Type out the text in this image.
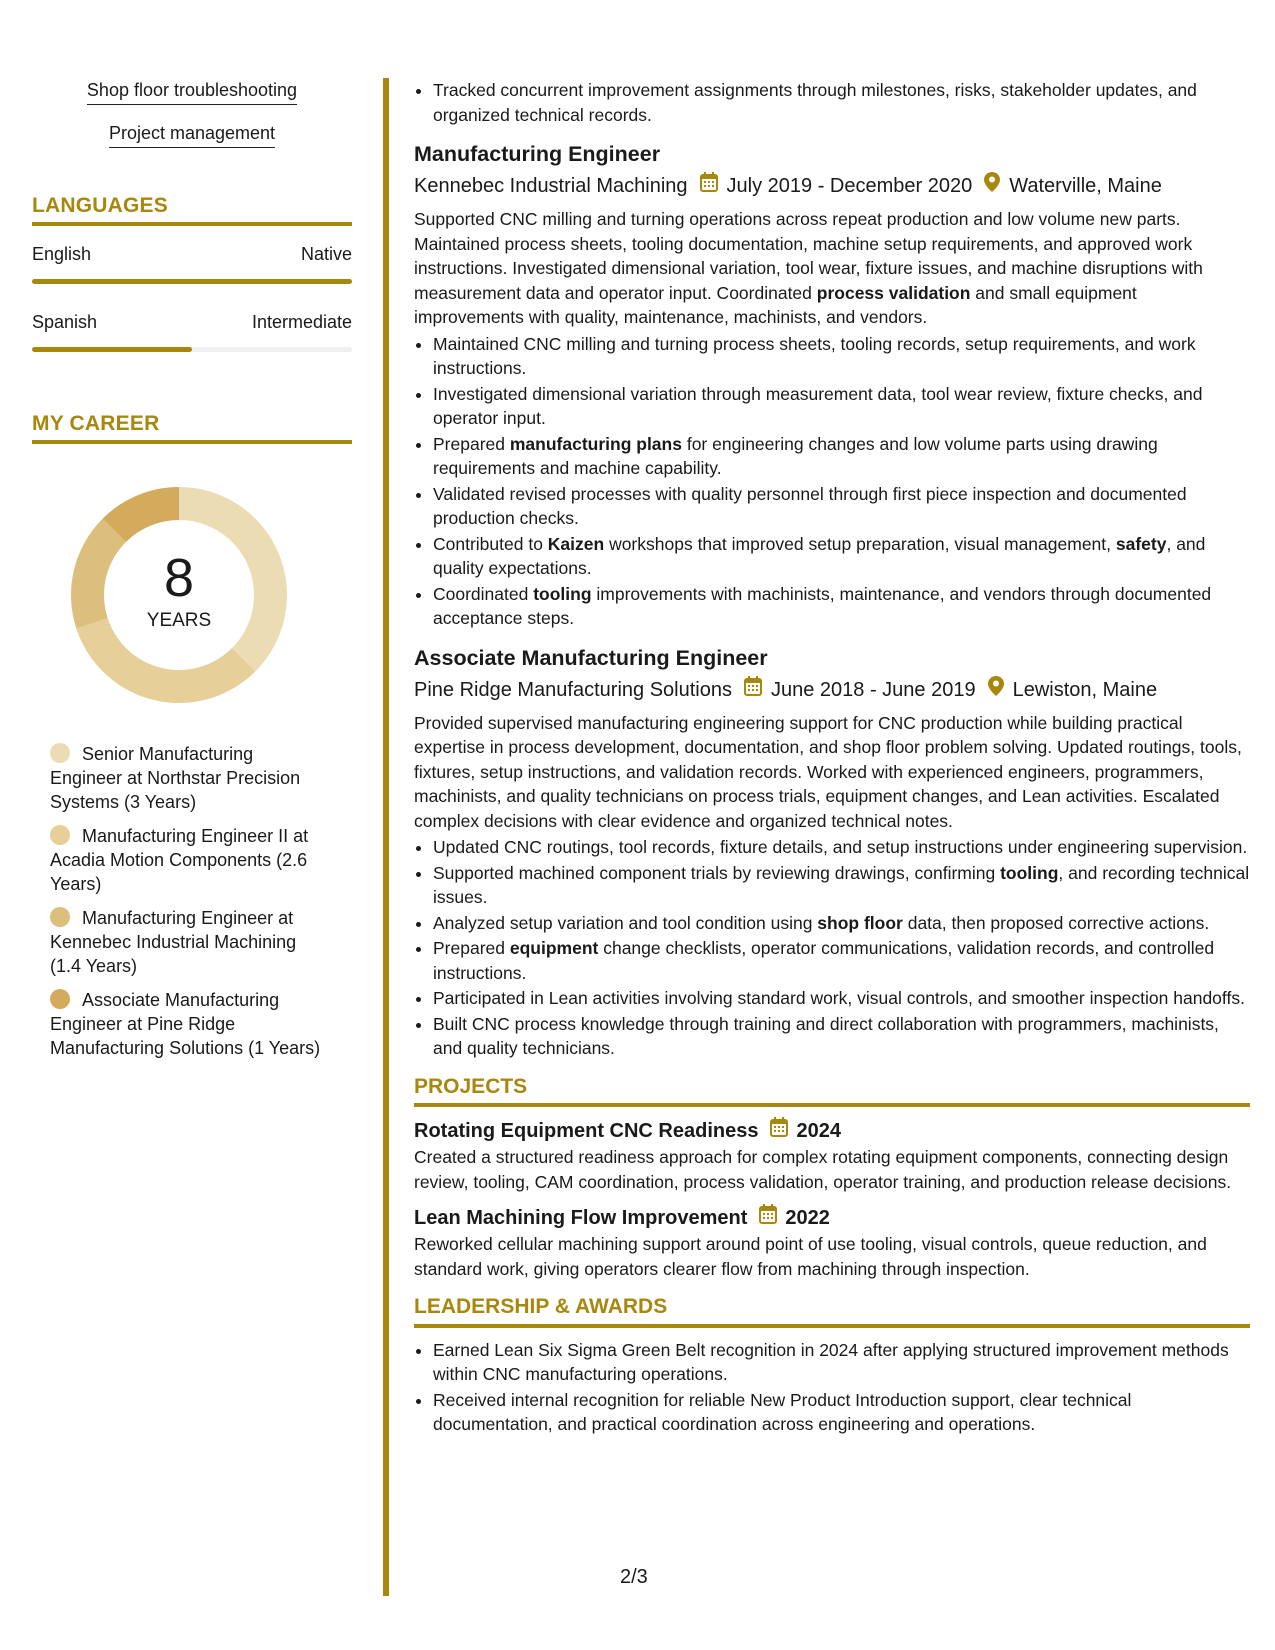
Shop floor troubleshooting
Project management
LANGUAGES
English	Native
Spanish	Intermediate
MY CAREER
8
YEARS
Senior Manufacturing Engineer at Northstar Precision Systems (3 Years)
Manufacturing Engineer II at Acadia Motion Components (2.6 Years)
Manufacturing Engineer at Kennebec Industrial Machining (1.4 Years)
Associate Manufacturing Engineer at Pine Ridge Manufacturing Solutions (1 Years)
• Tracked concurrent improvement assignments through milestones, risks, stakeholder updates, and organized technical records.
Manufacturing Engineer
Kennebec Industrial Machining July 2019 - December 2020 Waterville, Maine
Supported CNC milling and turning operations across repeat production and low volume new parts. Maintained process sheets, tooling documentation, machine setup requirements, and approved work instructions. Investigated dimensional variation, tool wear, fixture issues, and machine disruptions with measurement data and operator input. Coordinated process validation and small equipment improvements with quality, maintenance, machinists, and vendors.
• Maintained CNC milling and turning process sheets, tooling records, setup requirements, and work instructions.
• Investigated dimensional variation through measurement data, tool wear review, fixture checks, and operator input.
• Prepared manufacturing plans for engineering changes and low volume parts using drawing requirements and machine capability.
• Validated revised processes with quality personnel through first piece inspection and documented production checks.
• Contributed to Kaizen workshops that improved setup preparation, visual management, safety, and quality expectations.
• Coordinated tooling improvements with machinists, maintenance, and vendors through documented acceptance steps.
Associate Manufacturing Engineer
Pine Ridge Manufacturing Solutions June 2018 - June 2019 Lewiston, Maine
Provided supervised manufacturing engineering support for CNC production while building practical expertise in process development, documentation, and shop floor problem solving. Updated routings, tools, fixtures, setup instructions, and validation records. Worked with experienced engineers, programmers, machinists, and quality technicians on process trials, equipment changes, and Lean activities. Escalated complex decisions with clear evidence and organized technical notes.
• Updated CNC routings, tool records, fixture details, and setup instructions under engineering supervision.
• Supported machined component trials by reviewing drawings, confirming tooling, and recording technical issues.
• Analyzed setup variation and tool condition using shop floor data, then proposed corrective actions.
• Prepared equipment change checklists, operator communications, validation records, and controlled instructions.
• Participated in Lean activities involving standard work, visual controls, and smoother inspection handoffs.
• Built CNC process knowledge through training and direct collaboration with programmers, machinists, and quality technicians.
PROJECTS
Rotating Equipment CNC Readiness 2024
Created a structured readiness approach for complex rotating equipment components, connecting design review, tooling, CAM coordination, process validation, operator training, and production release decisions.
Lean Machining Flow Improvement 2022
Reworked cellular machining support around point of use tooling, visual controls, queue reduction, and standard work, giving operators clearer flow from machining through inspection.
LEADERSHIP & AWARDS
• Earned Lean Six Sigma Green Belt recognition in 2024 after applying structured improvement methods within CNC manufacturing operations.
• Received internal recognition for reliable New Product Introduction support, clear technical documentation, and practical coordination across engineering and operations.
2/3
